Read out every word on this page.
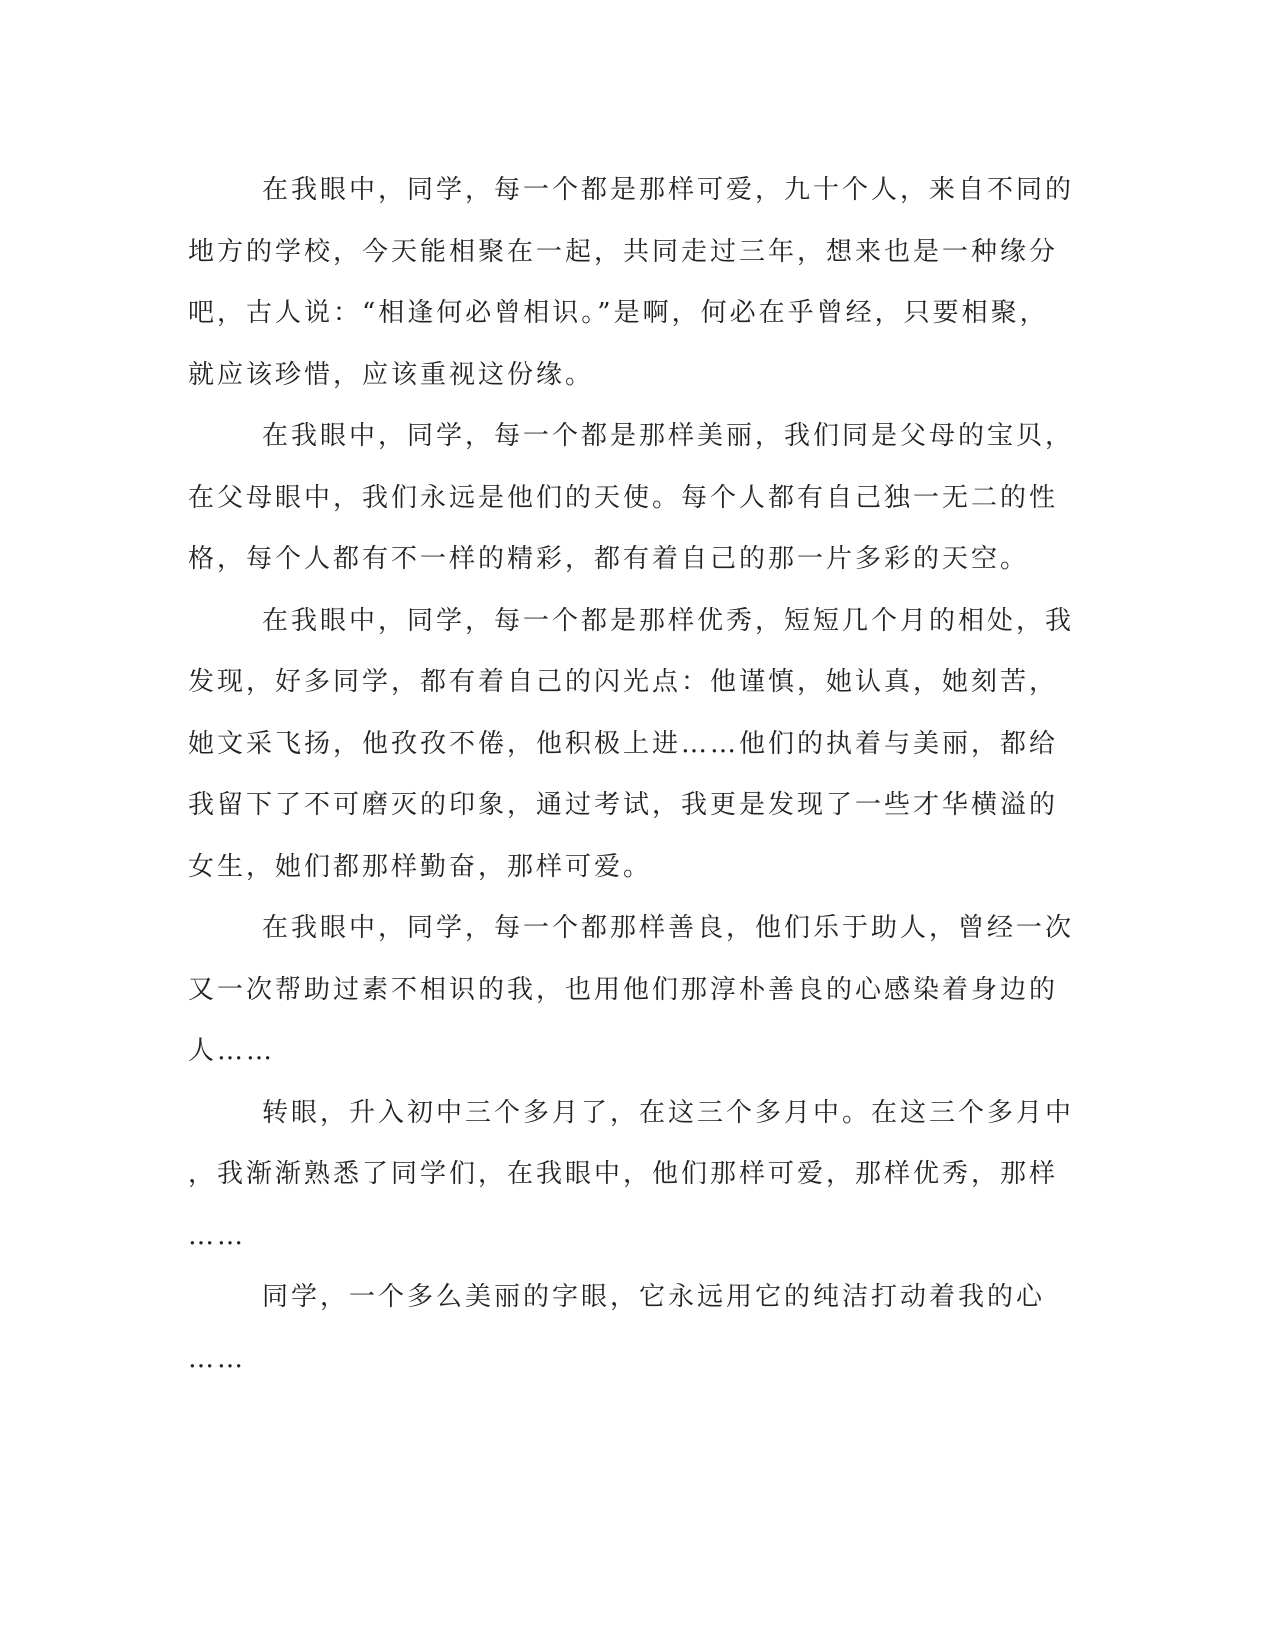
在我眼中，同学，每一个都是那样可爱，九十个人，来自不同的
地方的学校，今天能相聚在一起，共同走过三年，想来也是一种缘分
吧，古人说：“相逢何必曾相识。”是啊，何必在乎曾经，只要相聚，
就应该珍惜，应该重视这份缘。

在我眼中，同学，每一个都是那样美丽，我们同是父母的宝贝，
在父母眼中，我们永远是他们的天使。每个人都有自己独一无二的性
格，每个人都有不一样的精彩，都有着自己的那一片多彩的天空。

在我眼中，同学，每一个都是那样优秀，短短几个月的相处，我
发现，好多同学，都有着自己的闪光点：他谨慎，她认真，她刻苦，
她文采飞扬，他孜孜不倦，他积极上进……他们的执着与美丽，都给
我留下了不可磨灭的印象，通过考试，我更是发现了一些才华横溢的
女生，她们都那样勤奋，那样可爱。

在我眼中，同学，每一个都那样善良，他们乐于助人，曾经一次
又一次帮助过素不相识的我，也用他们那淳朴善良的心感染着身边的
人……

转眼，升入初中三个多月了，在这三个多月中。在这三个多月中
，我渐渐熟悉了同学们，在我眼中，他们那样可爱，那样优秀，那样
……

同学，一个多么美丽的字眼，它永远用它的纯洁打动着我的心
……
